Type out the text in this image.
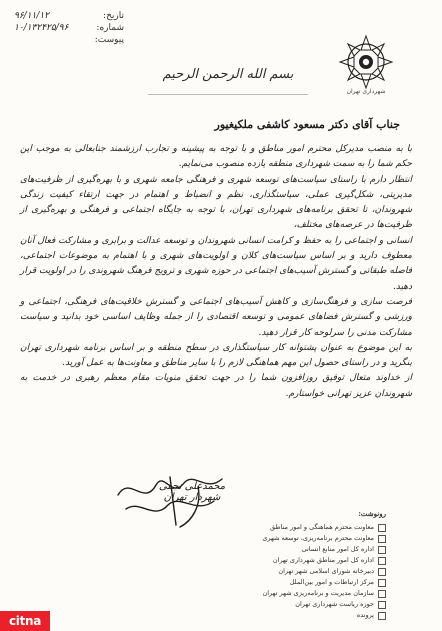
تاریخ:
۹۶/۱۱/۱۲
شماره:
۱۰/۱۳۲۴۲۵/۹۶
پیوست:
بسم الله الرحمن الرحیم
شهرداری تهران
جناب آقای دکتر مسعود کاشفی ملکیغیور

با به منصب مدیرکل محترم امور مناطق و با توجه به پیشینه و تجارب ارزشمند جنابعالی به موجب این حکم شما را به سمت شهرداری منطقه یازده منصوب می‌نمایم.

انتظار دارم با راستای سیاست‌های توسعه شهری و فرهنگی جامعه شهری و با بهره‌گیری از ظرفیت‌های مدیریتی، شکل‌گیری عملی، سیاستگذاری، نظم و انضباط و اهتمام در جهت ارتقاء کیفیت زندگی شهروندان، تا تحقق برنامه‌های شهرداری تهران، با توجه به جایگاه اجتماعی و فرهنگی و بهره‌گیری از ظرفیت‌ها در عرصه‌های مختلف،

انسانی و اجتماعی را به حفظ و کرامت انسانی شهروندان و توسعه عدالت و برابری و مشارکت فعال آنان معطوف دارید و بر اساس سیاست‌های کلان و اولویت‌های شهری و با اهتمام به موضوعات اجتماعی، فاصله طبقاتی و گسترش آسیب‌های اجتماعی در حوزه شهری و ترویج فرهنگ شهروندی را در اولویت قرار دهید.

فرصت سازی و فرهنگ‌سازی و کاهش آسیب‌های اجتماعی و گسترش خلاقیت‌های فرهنگی، اجتماعی و ورزشی و گسترش فضاهای عمومی و توسعه اقتصادی را از جمله وظایف اساسی خود بدانید و سیاست مشارکت مدنی را سرلوحه کار قرار دهید.

به این موضوع به عنوان پشتوانه کار سیاستگذاری در سطح منطقه و بر اساس برنامه شهرداری تهران بنگرید و در راستای حصول این مهم هماهنگی لازم را با سایر مناطق و معاونت‌ها به عمل آورید.

از خداوند متعال توفیق روزافزون شما را در جهت تحقق منویات مقام معظم رهبری در خدمت به شهروندان عزیز تهرانی خواستارم.

محمدعلی نجفی
شهردار تهران
رونوشت:
معاونت محترم هماهنگی و امور مناطق
معاونت محترم برنامه‌ریزی، توسعه شهری
اداره کل امور منابع انسانی
اداره کل امور مناطق شهرداری تهران
دبیرخانه شورای اسلامی شهر تهران
مرکز ارتباطات و امور بین‌الملل
سازمان مدیریت و برنامه‌ریزی شهر تهران
حوزه ریاست شهرداری تهران
پرونده
citna
